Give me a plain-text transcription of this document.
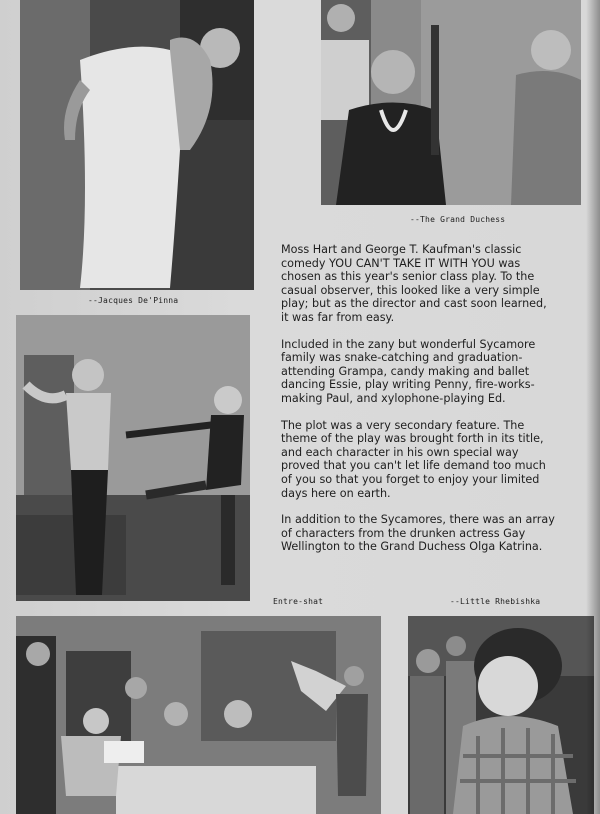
--The Grand Duchess
--Jacques De'Pinna

Moss Hart and George T. Kaufman's classic comedy YOU CAN'T TAKE IT WITH YOU was chosen as this year's senior class play. To the casual observer, this looked like a very simple play; but as the director and cast soon learned, it was far from easy.

Included in the zany but wonderful Sycamore family was snake-catching and graduation-attending Grampa, candy making and ballet dancing Essie, play writing Penny, fire-works-making Paul, and xylophone-playing Ed.

The plot was a very secondary feature. The theme of the play was brought forth in its title, and each character in his own special way proved that you can't let life demand too much of you so that you forget to enjoy your limited days here on earth.

In addition to the Sycamores, there was an array of characters from the drunken actress Gay Wellington to the Grand Duchess Olga Katrina.

Entre-shat	--Little Rhebishka
